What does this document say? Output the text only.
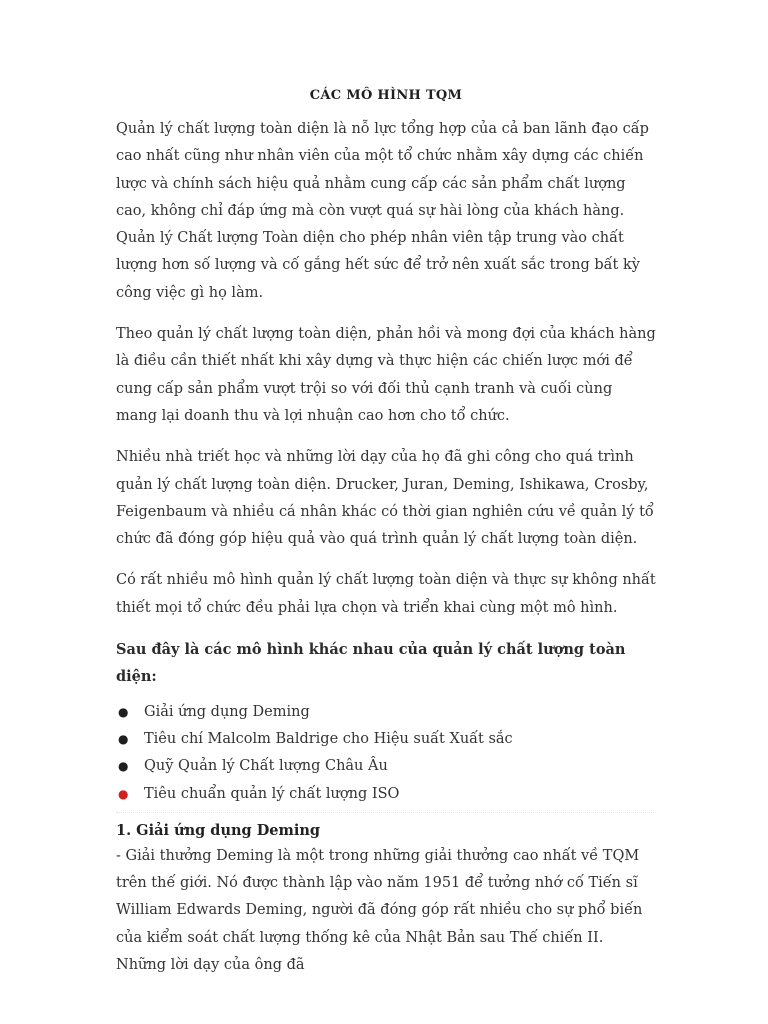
CÁC MÔ HÌNH TQM

Quản lý chất lượng toàn diện là nỗ lực tổng hợp của cả ban lãnh đạo cấp cao nhất cũng như nhân viên của một tổ chức nhằm xây dựng các chiến lược và chính sách hiệu quả nhằm cung cấp các sản phẩm chất lượng cao, không chỉ đáp ứng mà còn vượt quá sự hài lòng của khách hàng.

Quản lý Chất lượng Toàn diện cho phép nhân viên tập trung vào chất lượng hơn số lượng và cố gắng hết sức để trở nên xuất sắc trong bất kỳ công việc gì họ làm.

Theo quản lý chất lượng toàn diện, phản hồi và mong đợi của khách hàng là điều cần thiết nhất khi xây dựng và thực hiện các chiến lược mới để cung cấp sản phẩm vượt trội so với đối thủ cạnh tranh và cuối cùng mang lại doanh thu và lợi nhuận cao hơn cho tổ chức.

Nhiều nhà triết học và những lời dạy của họ đã ghi công cho quá trình quản lý chất lượng toàn diện. Drucker, Juran, Deming, Ishikawa, Crosby, Feigenbaum và nhiều cá nhân khác có thời gian nghiên cứu về quản lý tổ chức đã đóng góp hiệu quả vào quá trình quản lý chất lượng toàn diện.

Có rất nhiều mô hình quản lý chất lượng toàn diện và thực sự không nhất thiết mọi tổ chức đều phải lựa chọn và triển khai cùng một mô hình.

Sau đây là các mô hình khác nhau của quản lý chất lượng toàn diện:

● Giải ứng dụng Deming
● Tiêu chí Malcolm Baldrige cho Hiệu suất Xuất sắc
● Quỹ Quản lý Chất lượng Châu Âu
● Tiêu chuẩn quản lý chất lượng ISO

1. Giải ứng dụng Deming

- Giải thưởng Deming là một trong những giải thưởng cao nhất về TQM trên thế giới. Nó được thành lập vào năm 1951 để tưởng nhớ cố Tiến sĩ William Edwards Deming, người đã đóng góp rất nhiều cho sự phổ biến của kiểm soát chất lượng thống kê của Nhật Bản sau Thế chiến II. Những lời dạy của ông đã
